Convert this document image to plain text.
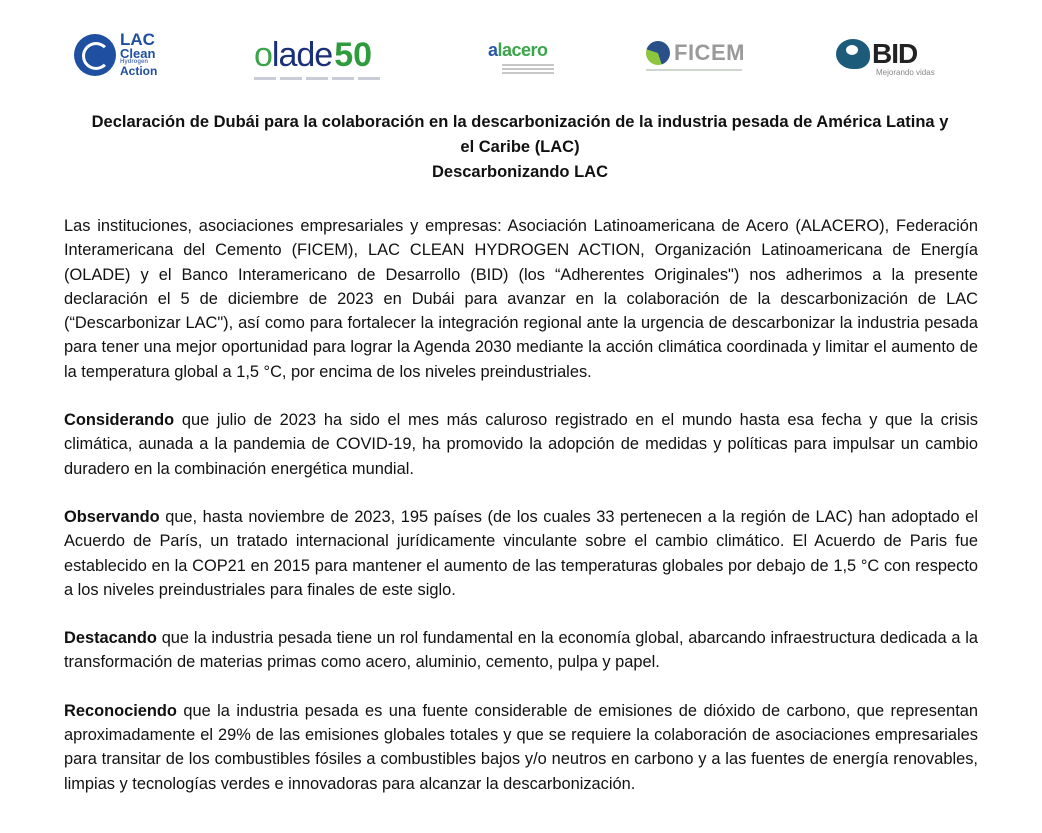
LAC
Clean
Hydrogen
Action	olade 50	alacero	FICEM	BID
Mejorando vidas
Declaración de Dubái para la colaboración en la descarbonización de la industria pesada de América Latina y
el Caribe (LAC)
Descarbonizando LAC

Las instituciones, asociaciones empresariales y empresas: Asociación Latinoamericana de Acero (ALACERO), Federación Interamericana del Cemento (FICEM), LAC CLEAN HYDROGEN ACTION, Organización Latinoamericana de Energía (OLADE) y el Banco Interamericano de Desarrollo (BID) (los “Adherentes Originales") nos adherimos a la presente declaración el 5 de diciembre de 2023 en Dubái para avanzar en la colaboración de la descarbonización de LAC (“Descarbonizar LAC"), así como para fortalecer la integración regional ante la urgencia de descarbonizar la industria pesada para tener una mejor oportunidad para lograr la Agenda 2030 mediante la acción climática coordinada y limitar el aumento de la temperatura global a 1,5 °C, por encima de los niveles preindustriales.

Considerando que julio de 2023 ha sido el mes más caluroso registrado en el mundo hasta esa fecha y que la crisis climática, aunada a la pandemia de COVID-19, ha promovido la adopción de medidas y políticas para impulsar un cambio duradero en la combinación energética mundial.

Observando que, hasta noviembre de 2023, 195 países (de los cuales 33 pertenecen a la región de LAC) han adoptado el Acuerdo de París, un tratado internacional jurídicamente vinculante sobre el cambio climático. El Acuerdo de Paris fue establecido en la COP21 en 2015 para mantener el aumento de las temperaturas globales por debajo de 1,5 °C con respecto a los niveles preindustriales para finales de este siglo.

Destacando que la industria pesada tiene un rol fundamental en la economía global, abarcando infraestructura dedicada a la transformación de materias primas como acero, aluminio, cemento, pulpa y papel.

Reconociendo que la industria pesada es una fuente considerable de emisiones de dióxido de carbono, que representan aproximadamente el 29% de las emisiones globales totales y que se requiere la colaboración de asociaciones empresariales para transitar de los combustibles fósiles a combustibles bajos y/o neutros en carbono y a las fuentes de energía renovables, limpias y tecnologías verdes e innovadoras para alcanzar la descarbonización.
